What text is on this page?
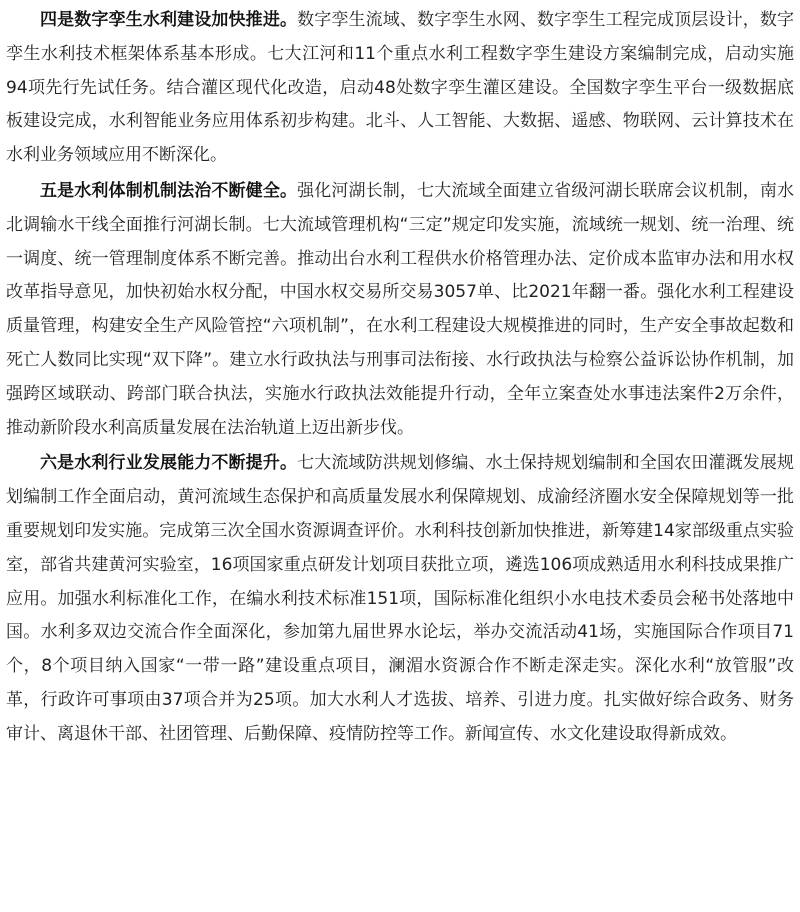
四是数字孪生水利建设加快推进。数字孪生流域、数字孪生水网、数字孪生工程完成顶层设计，数字孪生水利技术框架体系基本形成。七大江河和11个重点水利工程数字孪生建设方案编制完成，启动实施94项先行先试任务。结合灌区现代化改造，启动48处数字孪生灌区建设。全国数字孪生平台一级数据底板建设完成，水利智能业务应用体系初步构建。北斗、人工智能、大数据、遥感、物联网、云计算技术在水利业务领域应用不断深化。

五是水利体制机制法治不断健全。强化河湖长制，七大流域全面建立省级河湖长联席会议机制，南水北调输水干线全面推行河湖长制。七大流域管理机构“三定”规定印发实施，流域统一规划、统一治理、统一调度、统一管理制度体系不断完善。推动出台水利工程供水价格管理办法、定价成本监审办法和用水权改革指导意见，加快初始水权分配，中国水权交易所交易3057单、比2021年翻一番。强化水利工程建设质量管理，构建安全生产风险管控“六项机制”，在水利工程建设大规模推进的同时，生产安全事故起数和死亡人数同比实现“双下降”。建立水行政执法与刑事司法衔接、水行政执法与检察公益诉讼协作机制，加强跨区域联动、跨部门联合执法，实施水行政执法效能提升行动，全年立案查处水事违法案件2万余件，推动新阶段水利高质量发展在法治轨道上迈出新步伐。

六是水利行业发展能力不断提升。七大流域防洪规划修编、水土保持规划编制和全国农田灌溉发展规划编制工作全面启动，黄河流域生态保护和高质量发展水利保障规划、成渝经济圈水安全保障规划等一批重要规划印发实施。完成第三次全国水资源调查评价。水利科技创新加快推进，新筹建14家部级重点实验室，部省共建黄河实验室，16项国家重点研发计划项目获批立项，遴选106项成熟适用水利科技成果推广应用。加强水利标准化工作，在编水利技术标准151项，国际标准化组织小水电技术委员会秘书处落地中国。水利多双边交流合作全面深化，参加第九届世界水论坛，举办交流活动41场，实施国际合作项目71个，8个项目纳入国家“一带一路”建设重点项目，澜湄水资源合作不断走深走实。深化水利“放管服”改革，行政许可事项由37项合并为25项。加大水利人才选拔、培养、引进力度。扎实做好综合政务、财务审计、离退休干部、社团管理、后勤保障、疫情防控等工作。新闻宣传、水文化建设取得新成效。
